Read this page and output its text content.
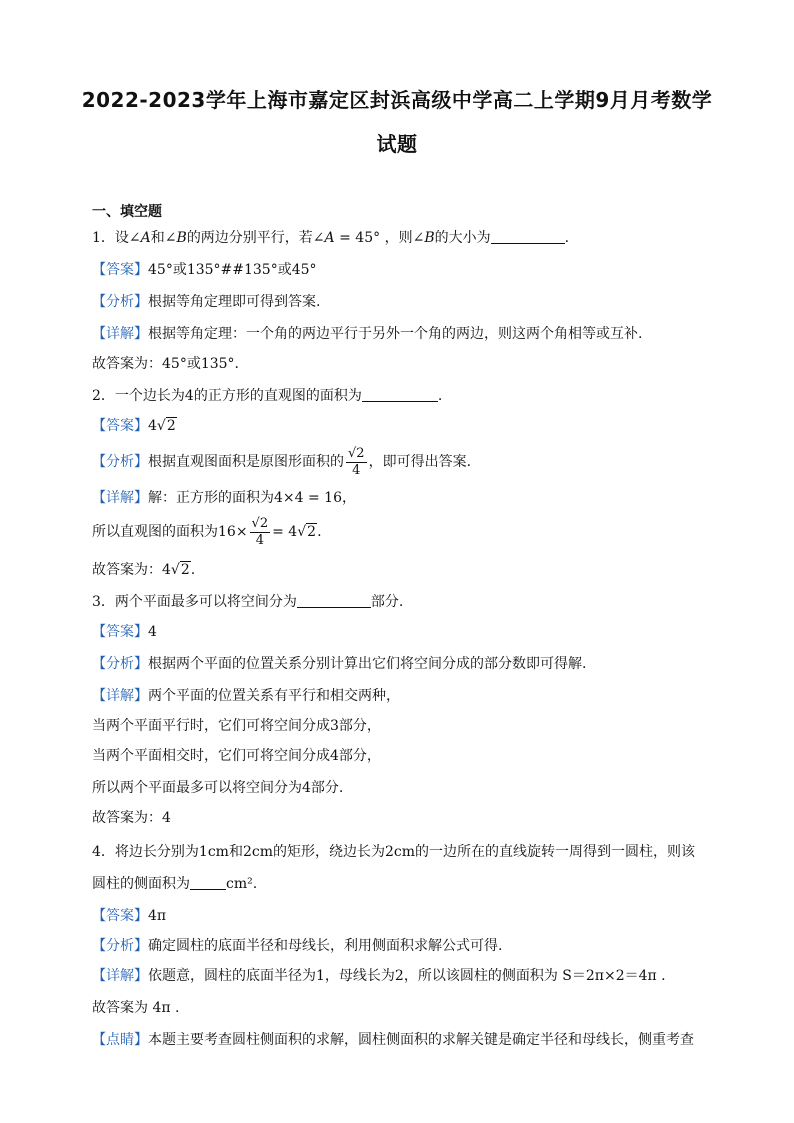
2022-2023学年上海市嘉定区封浜高级中学高二上学期9月月考数学
试题
一、填空题
1．设∠A和∠B的两边分别平行，若∠A = 45° ，则∠B的大小为	.
【答案】45°或135°##135°或45°
【分析】根据等角定理即可得到答案.
【详解】根据等角定理：一个角的两边平行于另外一个角的两边，则这两个角相等或互补.
故答案为：45°或135°.
2．一个边长为4的正方形的直观图的面积为	.
【答案】4√2
【分析】根据直观图面积是原图形面积的 $\frac{√2}{4}$ ，即可得出答案.
【详解】解：正方形的面积为4×4 = 16，
所以直观图的面积为$16\times \frac{√2}{4} = 4√2$.
故答案为：4√2.
3．两个平面最多可以将空间分为	部分.
【答案】4
【分析】根据两个平面的位置关系分别计算出它们将空间分成的部分数即可得解.
【详解】两个平面的位置关系有平行和相交两种，
当两个平面平行时，它们可将空间分成3部分，
当两个平面相交时，它们可将空间分成4部分，
所以两个平面最多可以将空间分为4部分.
故答案为：4
4．将边长分别为1cm和2cm的矩形，绕边长为2cm的一边所在的直线旋转一周得到一圆柱，则该
圆柱的侧面积为	cm².
【答案】4π
【分析】确定圆柱的底面半径和母线长，利用侧面积求解公式可得.
【详解】依题意，圆柱的底面半径为1，母线长为2，所以该圆柱的侧面积为 S＝2π×2＝4π .
故答案为 4π .
【点睛】本题主要考查圆柱侧面积的求解，圆柱侧面积的求解关键是确定半径和母线长，侧重考查
